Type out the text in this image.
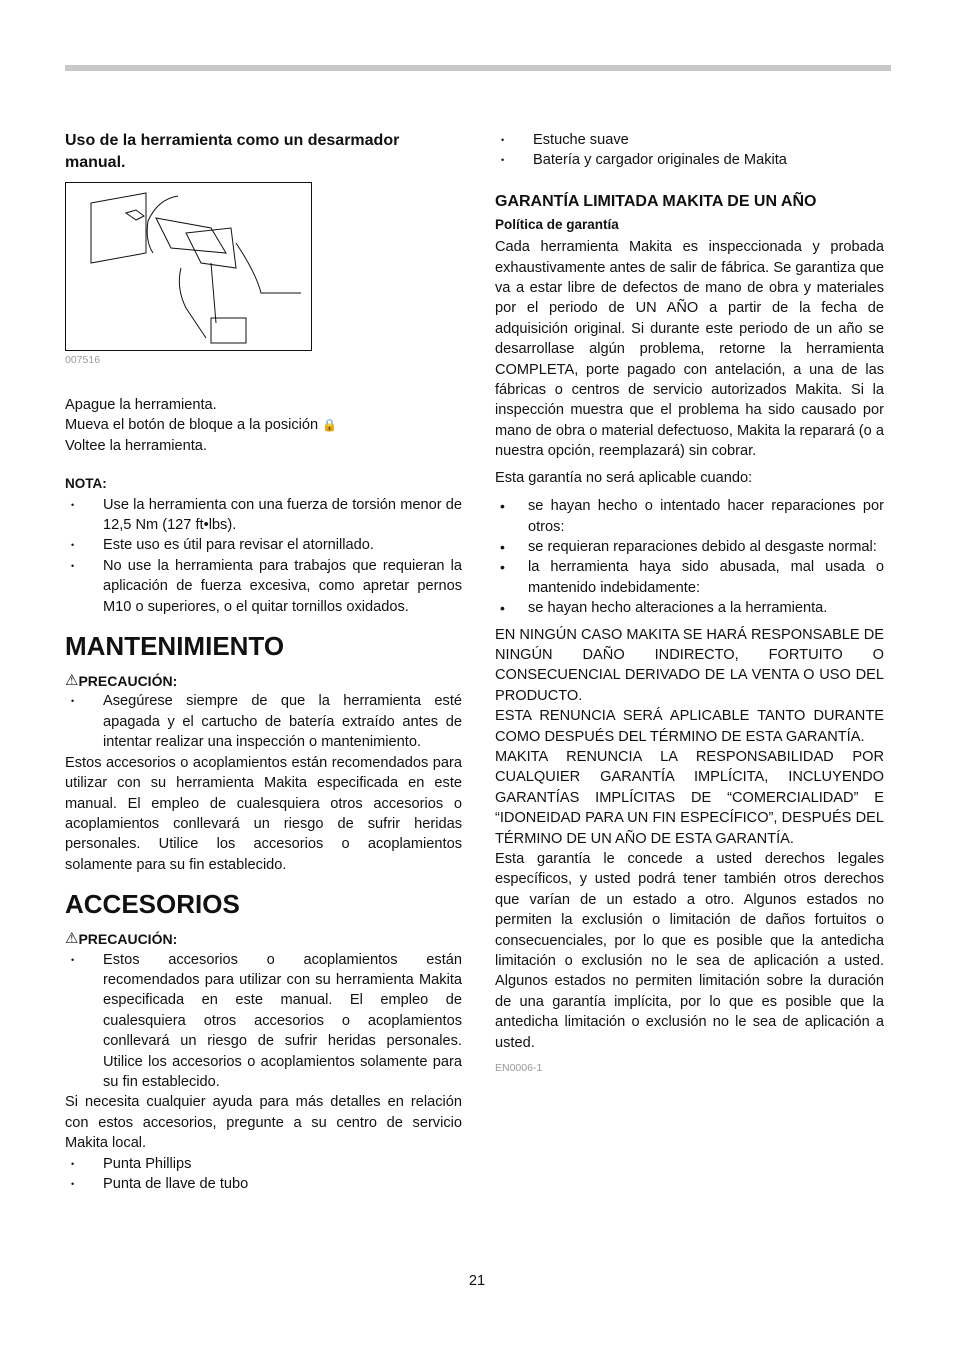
Uso de la herramienta como un desarmador manual.

007516

Apague la herramienta.

Mueva el botón de bloque a la posición 🔒

Voltee la herramienta.

NOTA:

• Use la herramienta con una fuerza de torsión menor de 12,5 Nm (127 ft•lbs).
• Este uso es útil para revisar el atornillado.
• No use la herramienta para trabajos que requieran la aplicación de fuerza excesiva, como apretar pernos M10 o superiores, o el quitar tornillos oxidados.
MANTENIMIENTO
⚠ PRECAUCIÓN:
• Asegúrese siempre de que la herramienta esté apagada y el cartucho de batería extraído antes de intentar realizar una inspección o mantenimiento.

Estos accesorios o acoplamientos están recomendados para utilizar con su herramienta Makita especificada en este manual. El empleo de cualesquiera otros accesorios o acoplamientos conllevará un riesgo de sufrir heridas personales. Utilice los accesorios o acoplamientos solamente para su fin establecido.

ACCESORIOS
⚠ PRECAUCIÓN:
• Estos accesorios o acoplamientos están recomendados para utilizar con su herramienta Makita especificada en este manual. El empleo de cualesquiera otros accesorios o acoplamientos conllevará un riesgo de sufrir heridas personales. Utilice los accesorios o acoplamientos solamente para su fin establecido.

Si necesita cualquier ayuda para más detalles en relación con estos accesorios, pregunte a su centro de servicio Makita local.

• Punta Phillips
• Punta de llave de tubo
• Estuche suave
• Batería y cargador originales de Makita

GARANTÍA LIMITADA MAKITA DE UN AÑO

Política de garantía

Cada herramienta Makita es inspeccionada y probada exhaustivamente antes de salir de fábrica. Se garantiza que va a estar libre de defectos de mano de obra y materiales por el periodo de UN AÑO a partir de la fecha de adquisición original. Si durante este periodo de un año se desarrollase algún problema, retorne la herramienta COMPLETA, porte pagado con antelación, a una de las fábricas o centros de servicio autorizados Makita. Si la inspección muestra que el problema ha sido causado por mano de obra o material defectuoso, Makita la reparará (o a nuestra opción, reemplazará) sin cobrar.

Esta garantía no será aplicable cuando:

• se hayan hecho o intentado hacer reparaciones por otros:
• se requieran reparaciones debido al desgaste normal:
• la herramienta haya sido abusada, mal usada o mantenido indebidamente:
• se hayan hecho alteraciones a la herramienta.

EN NINGÚN CASO MAKITA SE HARÁ RESPONSABLE DE NINGÚN DAÑO INDIRECTO, FORTUITO O CONSECUENCIAL DERIVADO DE LA VENTA O USO DEL PRODUCTO.

ESTA RENUNCIA SERÁ APLICABLE TANTO DURANTE COMO DESPUÉS DEL TÉRMINO DE ESTA GARANTÍA.

MAKITA RENUNCIA LA RESPONSABILIDAD POR CUALQUIER GARANTÍA IMPLÍCITA, INCLUYENDO GARANTÍAS IMPLÍCITAS DE “COMERCIALIDAD” E “IDONEIDAD PARA UN FIN ESPECÍFICO”, DESPUÉS DEL TÉRMINO DE UN AÑO DE ESTA GARANTÍA.

Esta garantía le concede a usted derechos legales específicos, y usted podrá tener también otros derechos que varían de un estado a otro. Algunos estados no permiten la exclusión o limitación de daños fortuitos o consecuenciales, por lo que es posible que la antedicha limitación o exclusión no le sea de aplicación a usted. Algunos estados no permiten limitación sobre la duración de una garantía implícita, por lo que es posible que la antedicha limitación o exclusión no le sea de aplicación a usted.

EN0006-1
21
